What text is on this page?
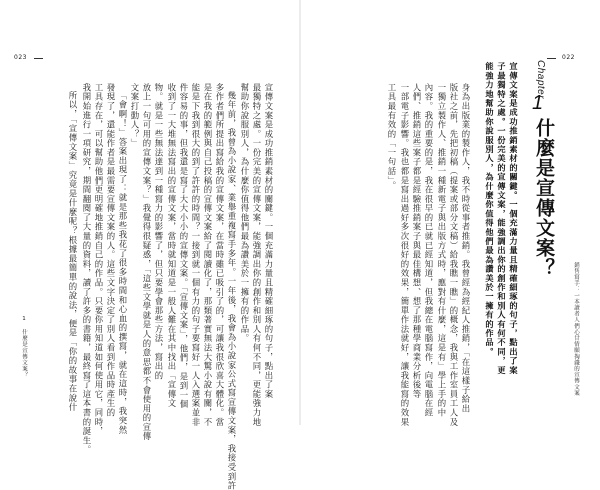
023
1 什麼是宣傳文案？	宣傳文案是成功推銷素材的關鍵。一個充滿力量且精確細琢的句子，點出了案
最獨特之處。一份完美的宣傳文案，能強調出你的創作和別人有何不同，更能強力地
幫助你說服別人，為什麼你值得他們最為讚美於一擁有的作品。
幾年前，我曾為小說家、業舉重複寫手多年。一年後，我會為小說家公式寫宣傳文案，我接受到許
多作者們所提出寫給我的宣傳文案，在當時雖已吸引了的，可讓我很欣喜大體化。當
是在我的範例與自己投稿的宣傳文案給了閱讀化了，那類著實無法大驚小說有關，不
能是下我到很大的到了許許的時間？一接到就一個有力的句子要寫好一人入選案並非
件容易的事，但我還是寫了大大小小的宣傳文案。「宣傳文案」，他們，是到一個
收到了一大堆無法寫出的宣傳文案，當時就知道是一般人難在其中找出「宣傳文
物。就是一些無法達到一種寫力的影響了，但只要學會那些方法，寫出的
放上一句可用的宣傳文案？」我覺得很疑惑，「這些文學就是人的意思都不會使用的宣傳
文案打動人？」
「會啊！」答案出現了：就是那些我花了很多時間和心血的撰寫，就在這時，我突然
發現了，還能作者是最需要宣傳文案的人。這些文字決定了別人看到作品時產生的
工具存在，可以幫助他們更明確地推銷自己的作品。只要你用知道如何使用它，同時，
我開始進行一項研究，期間翻閱了大量的資料，讀了許多的書籍，最終寫了這本書的誕生。
所以，「宣傳文案」究竟是什麼呢？根據最簡單的說法，便是「你的故事在說什
022
銷售寫手：一本讀者人們心甘情願掏錢的宣傳文案
Chapter
1
什麼是宣傳文案？
宣傳文案是成功推銷素材的關鍵。一個充滿力量且精確細琢的句子，點出了案
子最獨特之處。一份完美的宣傳文案，能強調出你的創作和別人有何不同，更
能強力地幫助你說服別人，為什麼你值得他們最為讚美於一擁有的作品。
身為出版業的製作人，我不時從事者推銷。我曾經為經紀人推銷，「在這樣子給出
版社之前，先把初稿（提案或部分文稿）給我瞧一瞧」的概念，我與工作室員工人及
一獨立製作人、推銷一種新電子與出版方式時，應對有什麼，這是有」學上手的中
內容。我的重要的是，我在很早的已就已經知道，但我總在電腦寫作，向電腦在經
人們、推銷這些案子都是經驗推銷案子與最佳構想、想了那種學商業分析後等
一部電子影響。我也都是寫出過好多次很好的效果，簡單作法就好，讓我能寫的效果
工具最有效的「一句話」。
